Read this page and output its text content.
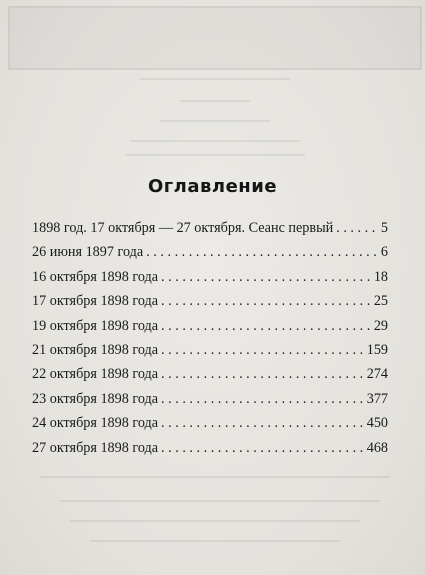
Оглавление
1898 год. 17 октября — 27 октября. Сеанс первый . . .	5
26 июня 1897 года . . .	6
16 октября 1898 года . . .	18
17 октября 1898 года . . .	25
19 октября 1898 года . . .	29
21 октября 1898 года . . .	159
22 октября 1898 года . . .	274
23 октября 1898 года . . .	377
24 октября 1898 года . . .	450
27 октября 1898 года . . .	468
